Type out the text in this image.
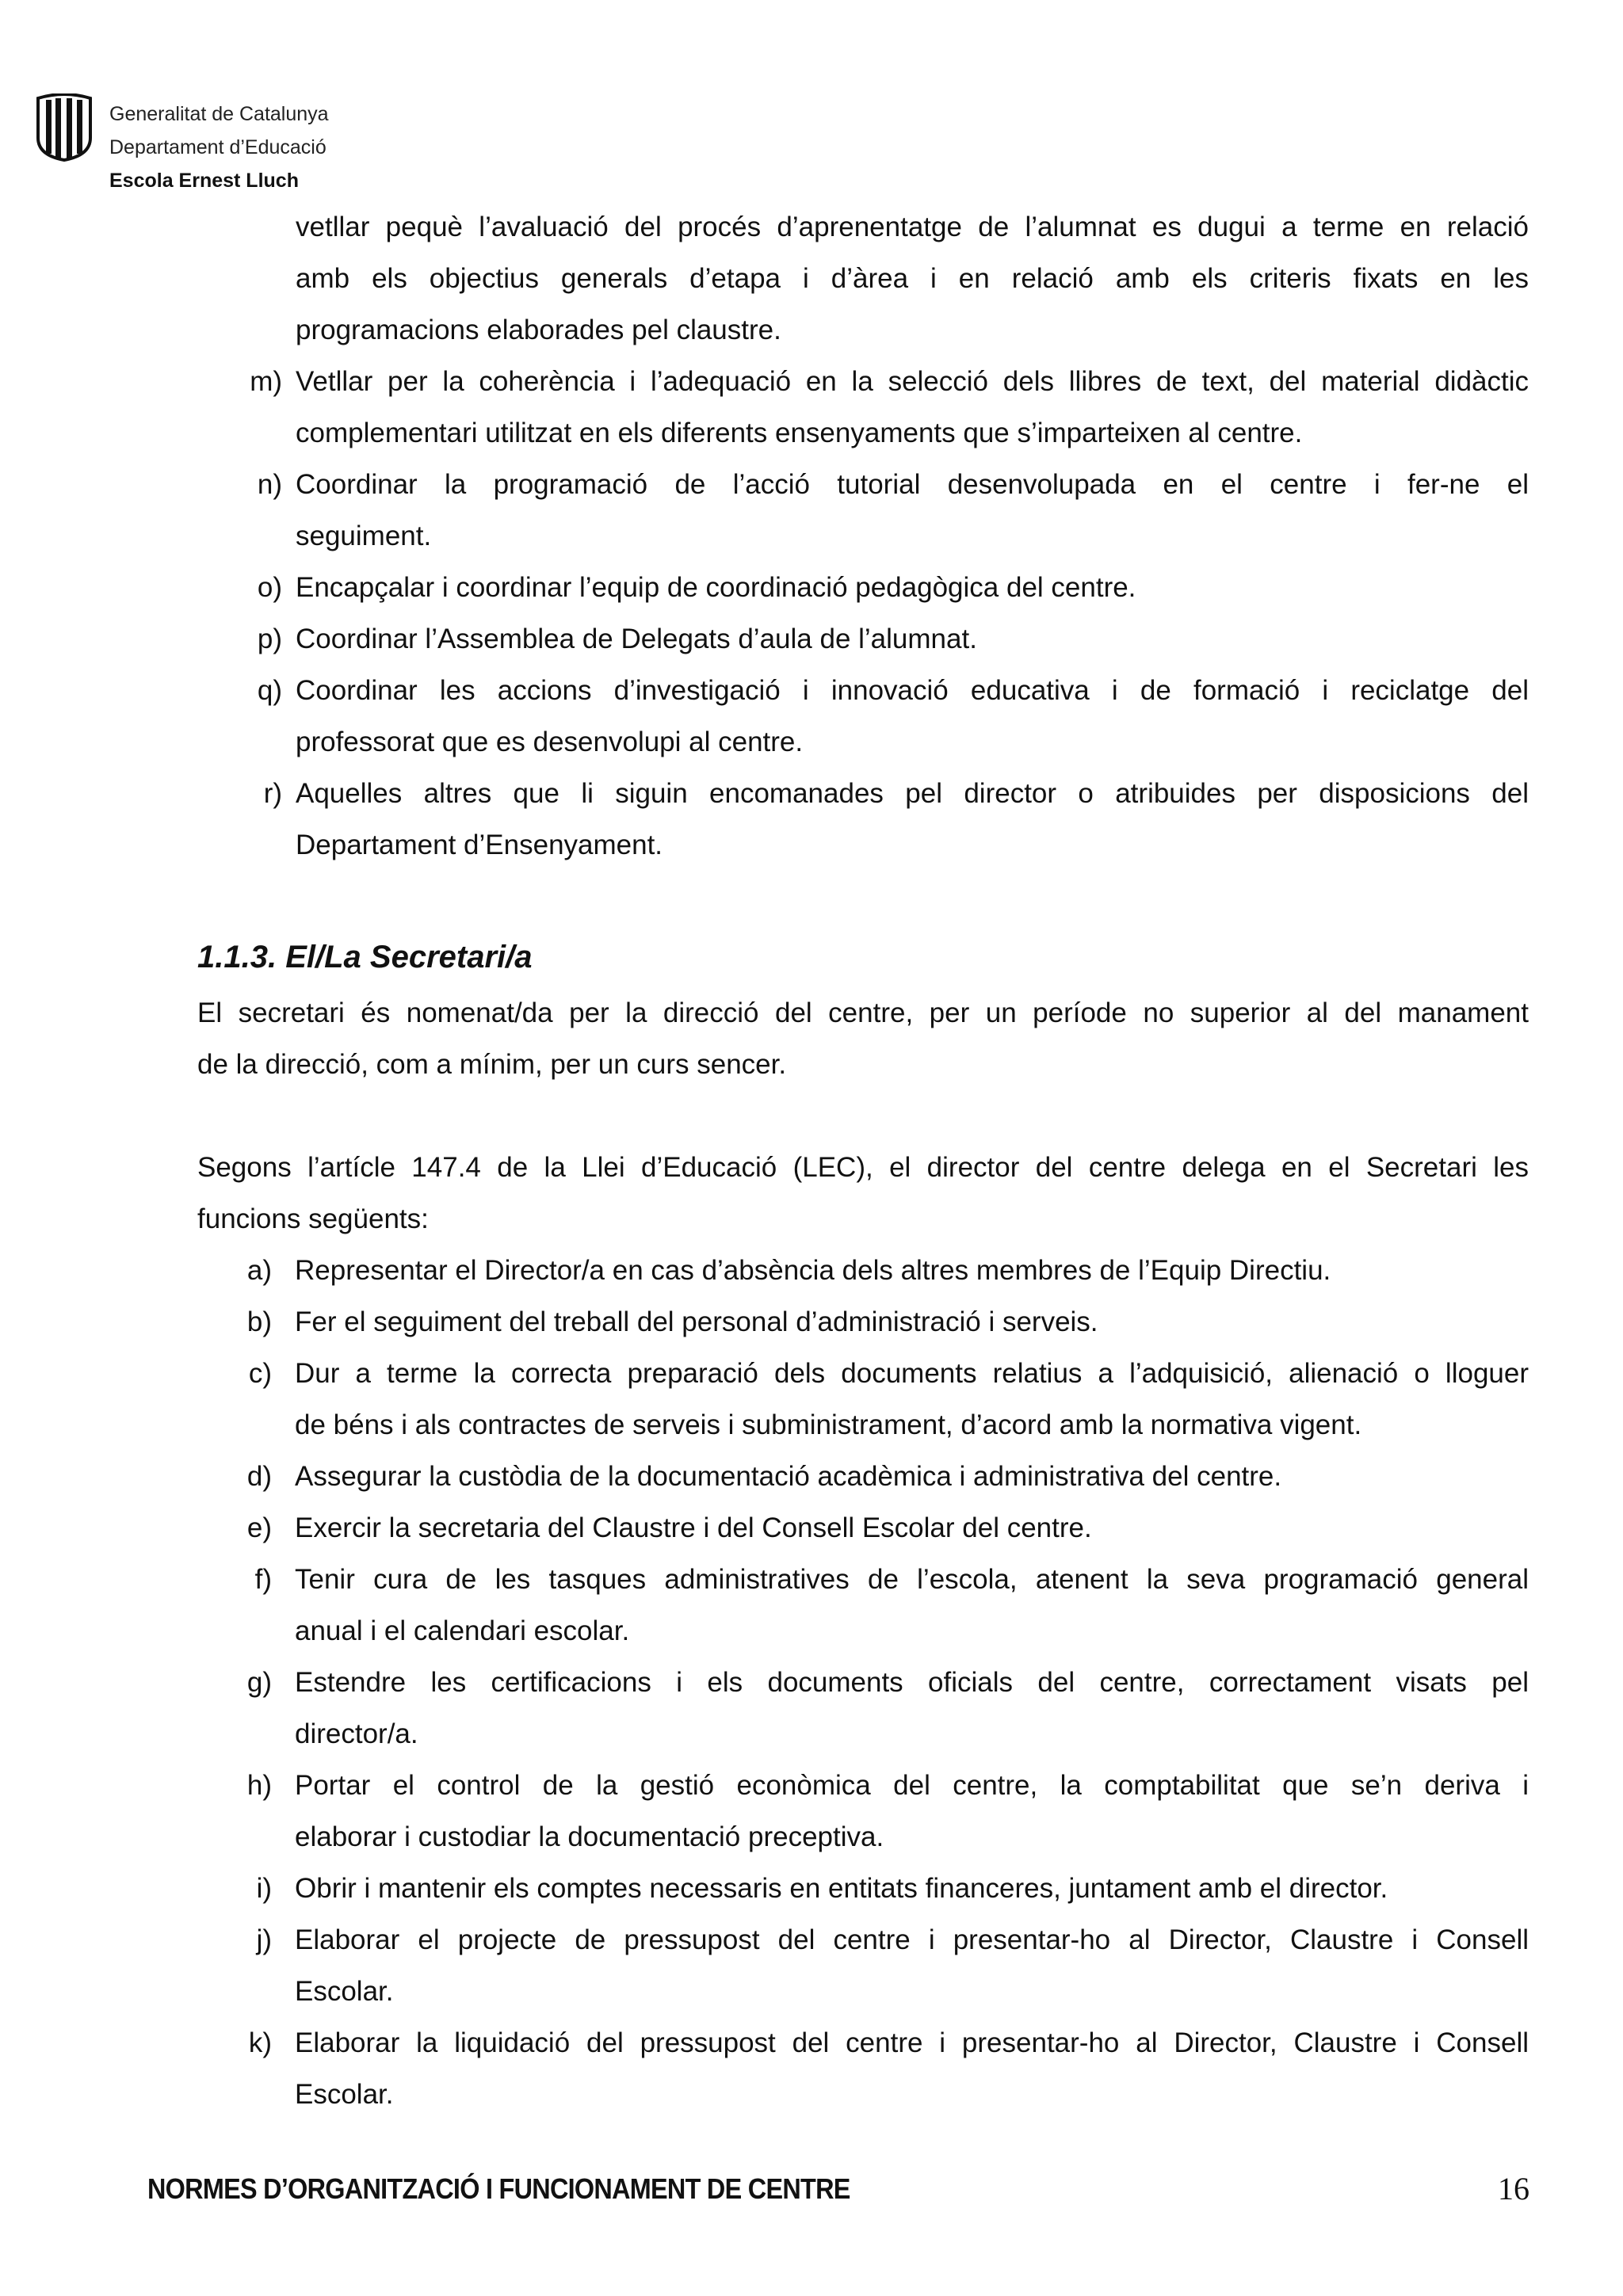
Generalitat de Catalunya
Departament d’Educació
Escola Ernest Lluch
vetllar pequè l’avaluació del procés d’aprenentatge de l’alumnat es dugui a terme en relació
amb els objectius generals d’etapa i d’àrea i en relació amb els criteris fixats en les
programacions elaborades pel claustre.
m) Vetllar per la coherència i l’adequació en la selecció dels llibres de text, del material didàctic
complementari utilitzat en els diferents ensenyaments que s’imparteixen al centre.
n) Coordinar la programació de l’acció tutorial desenvolupada en el centre i fer-ne el
seguiment.
o) Encapçalar i coordinar l’equip de coordinació pedagògica del centre.
p) Coordinar l’Assemblea de Delegats d’aula de l’alumnat.
q) Coordinar les accions d’investigació i innovació educativa i de formació i reciclatge del
professorat que es desenvolupi al centre.
r) Aquelles altres que li siguin encomanades pel director o atribuides per disposicions del
Departament d’Ensenyament.
1.1.3. El/La Secretari/a
El secretari és nomenat/da per la direcció del centre, per un període no superior al del manament
de la direcció, com a mínim, per un curs sencer.
Segons l’artícle 147.4 de la Llei d’Educació (LEC), el director del centre delega en el Secretari les
funcions següents:
a) Representar el Director/a en cas d’absència dels altres membres de l’Equip Directiu.
b) Fer el seguiment del treball del personal d’administració i serveis.
c) Dur a terme la correcta preparació dels documents relatius a l’adquisició, alienació o lloguer
de béns i als contractes de serveis i subministrament, d’acord amb la normativa vigent.
d) Assegurar la custòdia de la documentació acadèmica i administrativa del centre.
e) Exercir la secretaria del Claustre i del Consell Escolar del centre.
f) Tenir cura de les tasques administratives de l’escola, atenent la seva programació general
anual i el calendari escolar.
g) Estendre les certificacions i els documents oficials del centre, correctament visats pel
director/a.
h) Portar el control de la gestió econòmica del centre, la comptabilitat que se’n deriva i
elaborar i custodiar la documentació preceptiva.
i) Obrir i mantenir els comptes necessaris en entitats financeres, juntament amb el director.
j) Elaborar el projecte de pressupost del centre i presentar-ho al Director, Claustre i Consell
Escolar.
k) Elaborar la liquidació del pressupost del centre i presentar-ho al Director, Claustre i Consell
Escolar.
NORMES D’ORGANITZACIÓ I FUNCIONAMENT DE CENTRE	16
